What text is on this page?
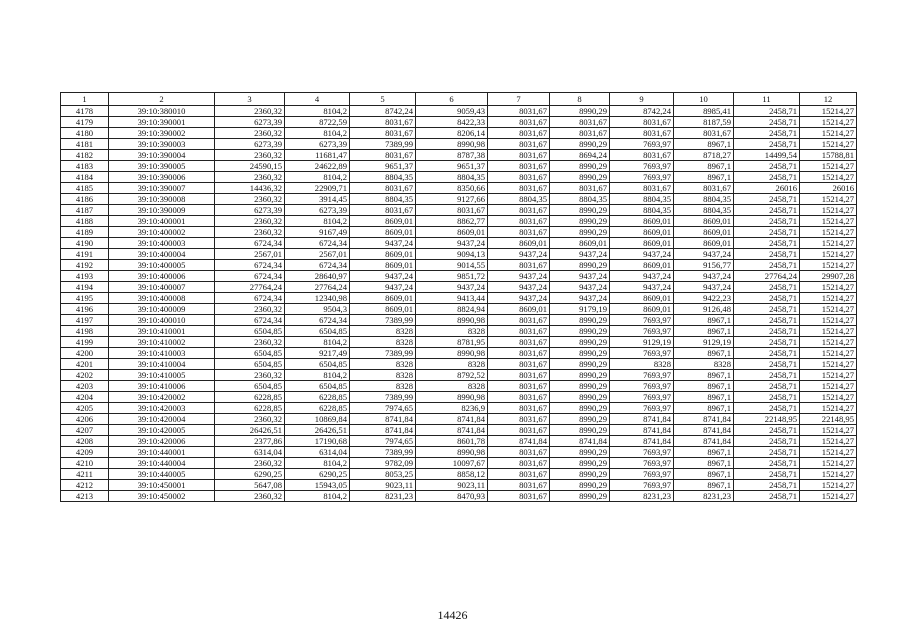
1	2	3	4	5	6	7	8	9	10	11	12
4178	39:10:380010	2360,32	8104,2	8742,24	9059,43	8031,67	8990,29	8742,24	8985,41	2458,71	15214,27
4179	39:10:390001	6273,39	8722,59	8031,67	8422,33	8031,67	8031,67	8031,67	8187,59	2458,71	15214,27
4180	39:10:390002	2360,32	8104,2	8031,67	8206,14	8031,67	8031,67	8031,67	8031,67	2458,71	15214,27
4181	39:10:390003	6273,39	6273,39	7389,99	8990,98	8031,67	8990,29	7693,97	8967,1	2458,71	15214,27
4182	39:10:390004	2360,32	11681,47	8031,67	8787,38	8031,67	8694,24	8031,67	8718,27	14499,54	15788,81
4183	39:10:390005	24590,15	24622,89	9651,37	9651,37	8031,67	8990,29	7693,97	8967,1	2458,71	15214,27
4184	39:10:390006	2360,32	8104,2	8804,35	8804,35	8031,67	8990,29	7693,97	8967,1	2458,71	15214,27
4185	39:10:390007	14436,32	22909,71	8031,67	8350,66	8031,67	8031,67	8031,67	8031,67	26016	26016
4186	39:10:390008	2360,32	3914,45	8804,35	9127,66	8804,35	8804,35	8804,35	8804,35	2458,71	15214,27
4187	39:10:390009	6273,39	6273,39	8031,67	8031,67	8031,67	8990,29	8804,35	8804,35	2458,71	15214,27
4188	39:10:400001	2360,32	8104,2	8609,01	8862,77	8031,67	8990,29	8609,01	8609,01	2458,71	15214,27
4189	39:10:400002	2360,32	9167,49	8609,01	8609,01	8031,67	8990,29	8609,01	8609,01	2458,71	15214,27
4190	39:10:400003	6724,34	6724,34	9437,24	9437,24	8609,01	8609,01	8609,01	8609,01	2458,71	15214,27
4191	39:10:400004	2567,01	2567,01	8609,01	9094,13	9437,24	9437,24	9437,24	9437,24	2458,71	15214,27
4192	39:10:400005	6724,34	6724,34	8609,01	9014,55	8031,67	8990,29	8609,01	9156,77	2458,71	15214,27
4193	39:10:400006	6724,34	28640,97	9437,24	9851,72	9437,24	9437,24	9437,24	9437,24	27764,24	29907,28
4194	39:10:400007	27764,24	27764,24	9437,24	9437,24	9437,24	9437,24	9437,24	9437,24	2458,71	15214,27
4195	39:10:400008	6724,34	12340,98	8609,01	9413,44	9437,24	9437,24	8609,01	9422,23	2458,71	15214,27
4196	39:10:400009	2360,32	9504,3	8609,01	8824,94	8609,01	9179,19	8609,01	9126,48	2458,71	15214,27
4197	39:10:400010	6724,34	6724,34	7389,99	8990,98	8031,67	8990,29	7693,97	8967,1	2458,71	15214,27
4198	39:10:410001	6504,85	6504,85	8328	8328	8031,67	8990,29	7693,97	8967,1	2458,71	15214,27
4199	39:10:410002	2360,32	8104,2	8328	8781,95	8031,67	8990,29	9129,19	9129,19	2458,71	15214,27
4200	39:10:410003	6504,85	9217,49	7389,99	8990,98	8031,67	8990,29	7693,97	8967,1	2458,71	15214,27
4201	39:10:410004	6504,85	6504,85	8328	8328	8031,67	8990,29	8328	8328	2458,71	15214,27
4202	39:10:410005	2360,32	8104,2	8328	8792,52	8031,67	8990,29	7693,97	8967,1	2458,71	15214,27
4203	39:10:410006	6504,85	6504,85	8328	8328	8031,67	8990,29	7693,97	8967,1	2458,71	15214,27
4204	39:10:420002	6228,85	6228,85	7389,99	8990,98	8031,67	8990,29	7693,97	8967,1	2458,71	15214,27
4205	39:10:420003	6228,85	6228,85	7974,65	8236,9	8031,67	8990,29	7693,97	8967,1	2458,71	15214,27
4206	39:10:420004	2360,32	10869,84	8741,84	8741,84	8031,67	8990,29	8741,84	8741,84	22148,95	22148,95
4207	39:10:420005	26426,51	26426,51	8741,84	8741,84	8031,67	8990,29	8741,84	8741,84	2458,71	15214,27
4208	39:10:420006	2377,86	17190,68	7974,65	8601,78	8741,84	8741,84	8741,84	8741,84	2458,71	15214,27
4209	39:10:440001	6314,04	6314,04	7389,99	8990,98	8031,67	8990,29	7693,97	8967,1	2458,71	15214,27
4210	39:10:440004	2360,32	8104,2	9782,09	10097,67	8031,67	8990,29	7693,97	8967,1	2458,71	15214,27
4211	39:10:440005	6290,25	6290,25	8053,25	8858,12	8031,67	8990,29	7693,97	8967,1	2458,71	15214,27
4212	39:10:450001	5647,08	15943,05	9023,11	9023,11	8031,67	8990,29	7693,97	8967,1	2458,71	15214,27
4213	39:10:450002	2360,32	8104,2	8231,23	8470,93	8031,67	8990,29	8231,23	8231,23	2458,71	15214,27
14426
